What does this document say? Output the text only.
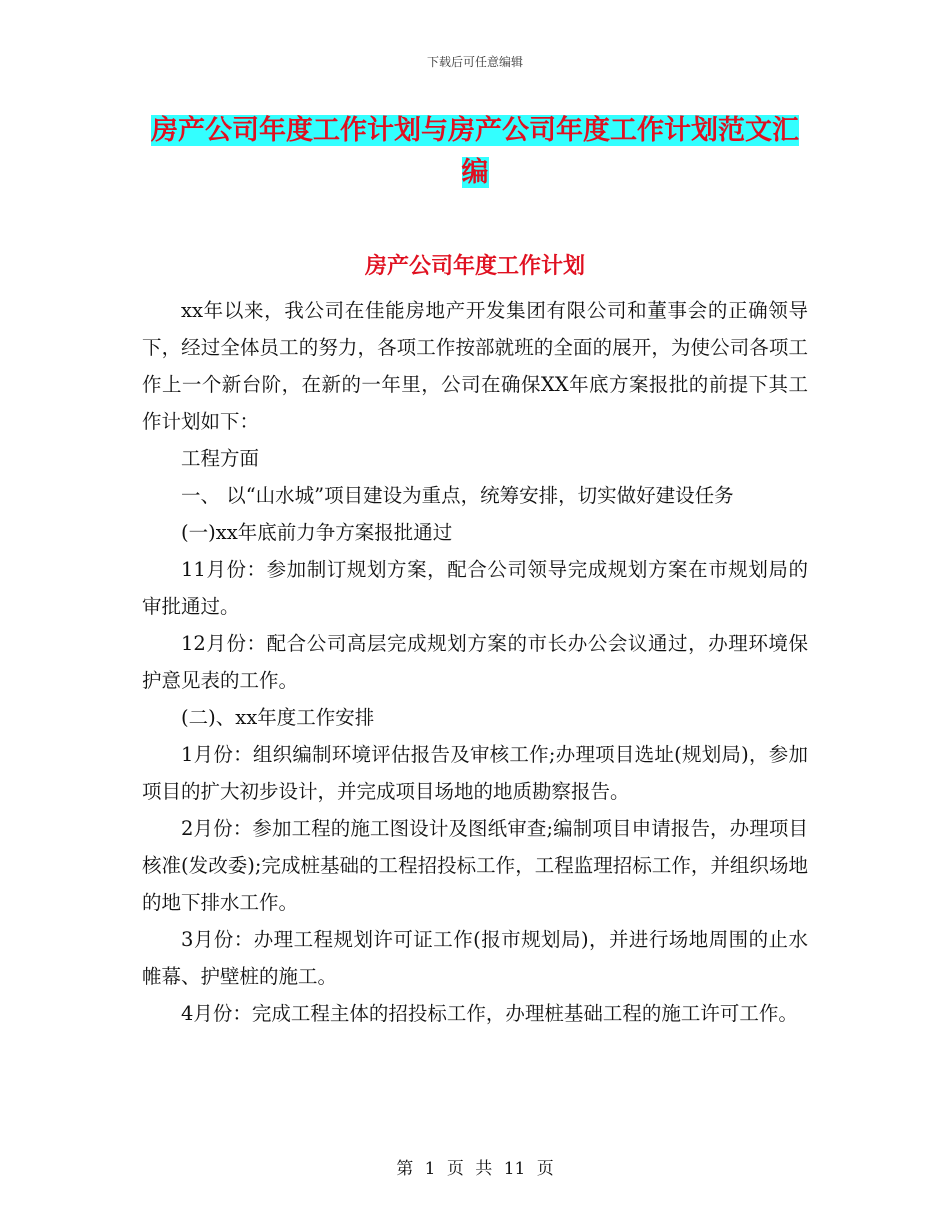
下载后可任意编辑
房产公司年度工作计划与房产公司年度工作计划范文汇编
房产公司年度工作计划

xx年以来，我公司在佳能房地产开发集团有限公司和董事会的正确领导下，经过全体员工的努力，各项工作按部就班的全面的展开，为使公司各项工作上一个新台阶，在新的一年里，公司在确保XX年底方案报批的前提下其工作计划如下：

工程方面

一、 以“山水城”项目建设为重点，统筹安排，切实做好建设任务

(一)xx年底前力争方案报批通过

11月份：参加制订规划方案，配合公司领导完成规划方案在市规划局的审批通过。

12月份：配合公司高层完成规划方案的市长办公会议通过，办理环境保护意见表的工作。

(二)、xx年度工作安排

1月份：组织编制环境评估报告及审核工作;办理项目选址(规划局)，参加项目的扩大初步设计，并完成项目场地的地质勘察报告。

2月份：参加工程的施工图设计及图纸审查;编制项目申请报告，办理项目核准(发改委);完成桩基础的工程招投标工作，工程监理招标工作，并组织场地的地下排水工作。

3月份：办理工程规划许可证工作(报市规划局)，并进行场地周围的止水帷幕、护壁桩的施工。

4月份：完成工程主体的招投标工作，办理桩基础工程的施工许可工作。

第 1 页 共 11 页
